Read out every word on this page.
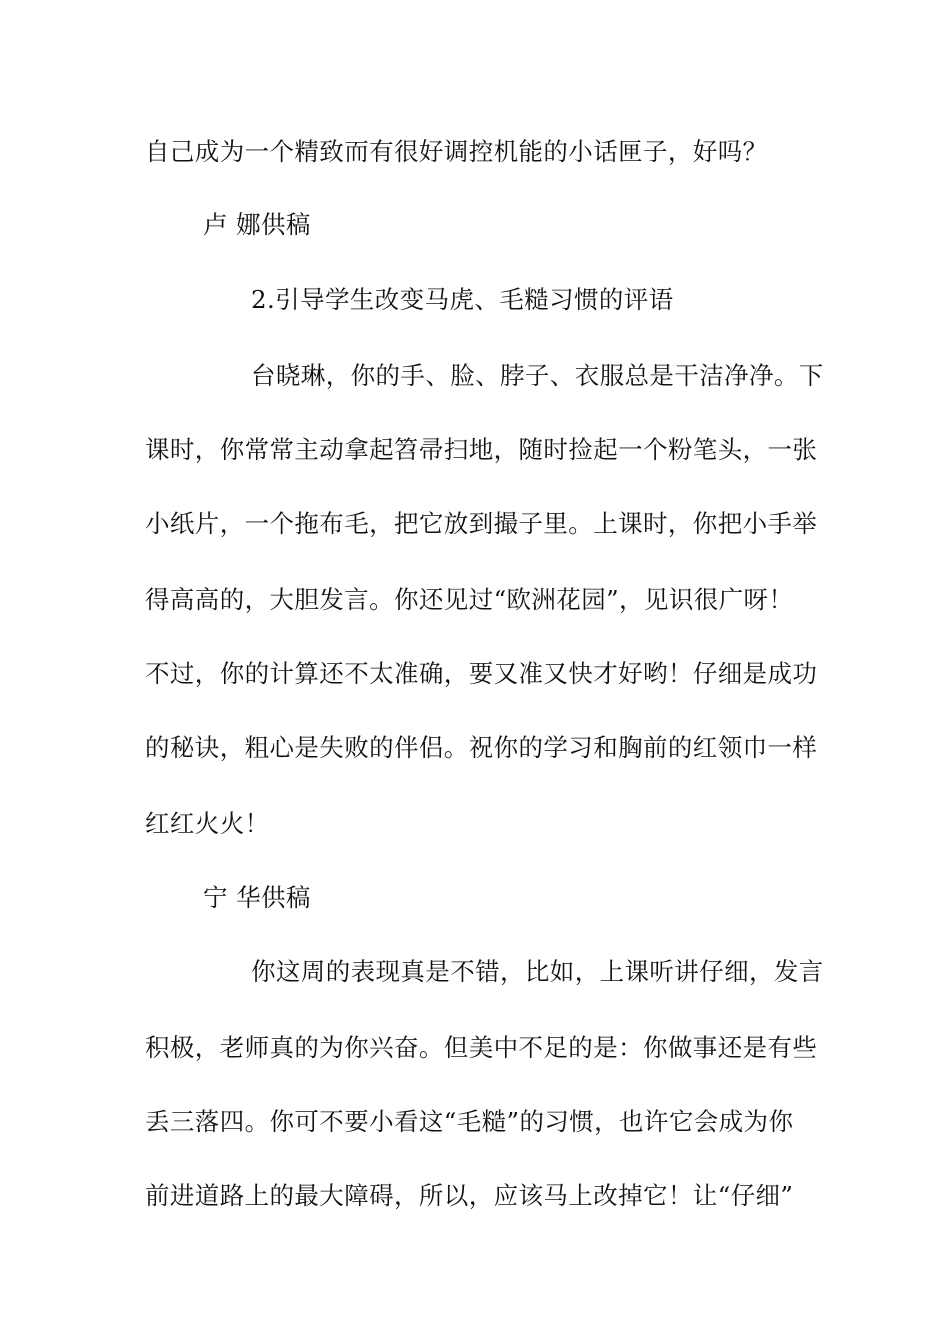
自己成为一个精致而有很好调控机能的小话匣子，好吗？
卢 娜供稿
2.引导学生改变马虎、毛糙习惯的评语
台晓琳，你的手、脸、脖子、衣服总是干洁净净。下
课时，你常常主动拿起笤帚扫地，随时捡起一个粉笔头，一张
小纸片，一个拖布毛，把它放到撮子里。上课时，你把小手举
得高高的，大胆发言。你还见过“欧洲花园”，见识很广呀！
不过，你的计算还不太准确，要又准又快才好哟！仔细是成功
的秘诀，粗心是失败的伴侣。祝你的学习和胸前的红领巾一样
红红火火！
宁 华供稿
你这周的表现真是不错，比如，上课听讲仔细，发言
积极，老师真的为你兴奋。但美中不足的是：你做事还是有些
丢三落四。你可不要小看这“毛糙”的习惯，也许它会成为你
前进道路上的最大障碍，所以，应该马上改掉它！让“仔细”
